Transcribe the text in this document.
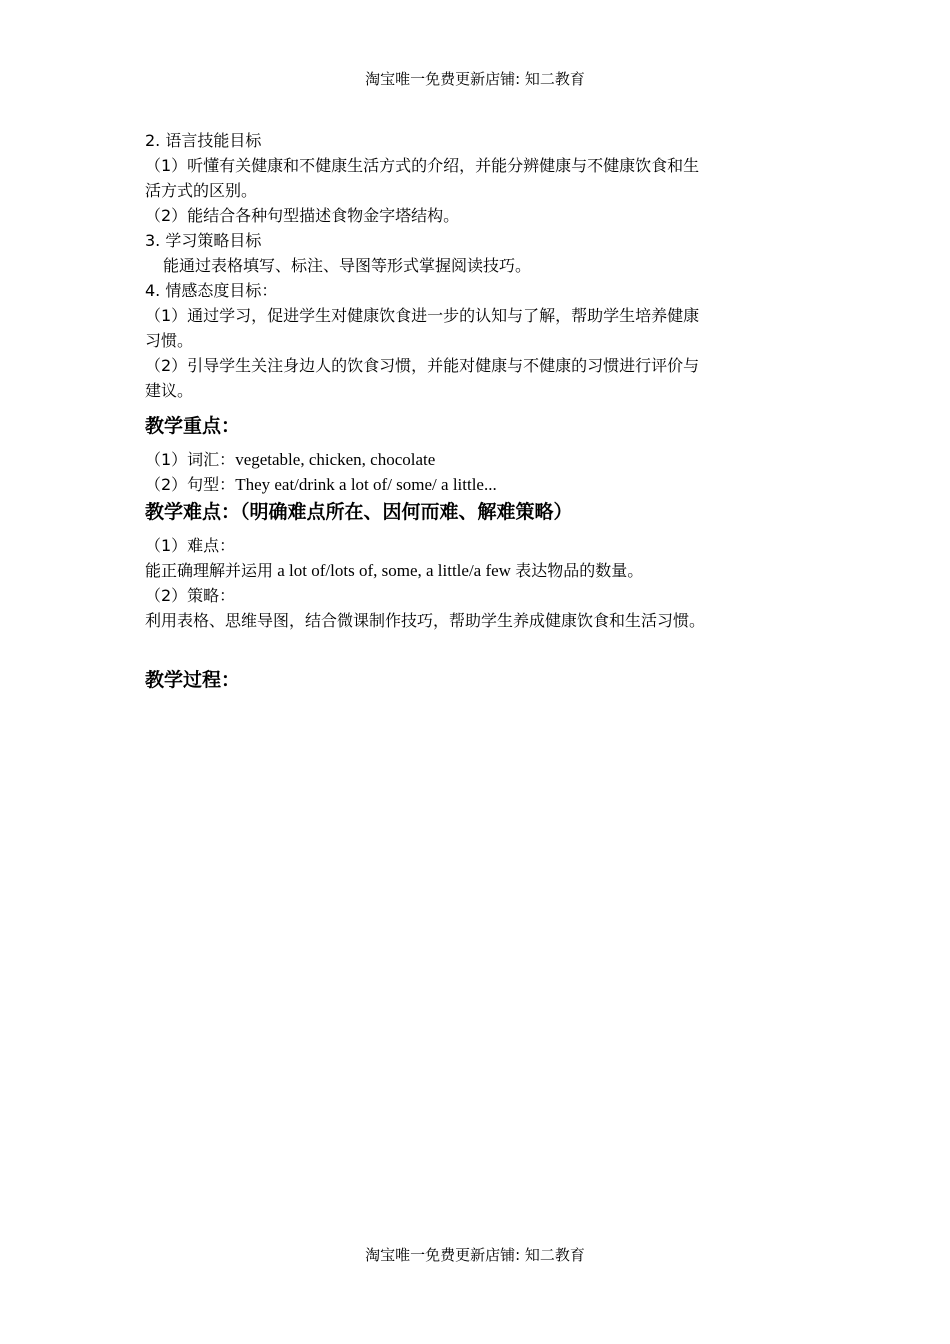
淘宝唯一免费更新店铺: 知二教育
2. 语言技能目标
（1）听懂有关健康和不健康生活方式的介绍，并能分辨健康与不健康饮食和生
活方式的区别。
（2）能结合各种句型描述食物金字塔结构。
3. 学习策略目标
能通过表格填写、标注、导图等形式掌握阅读技巧。
4. 情感态度目标：
（1）通过学习，促进学生对健康饮食进一步的认知与了解，帮助学生培养健康
习惯。
（2）引导学生关注身边人的饮食习惯，并能对健康与不健康的习惯进行评价与
建议。
教学重点：
（1）词汇：vegetable, chicken, chocolate
（2）句型：They eat/drink a lot of/ some/ a little...
教学难点：（明确难点所在、因何而难、解难策略）
（1）难点：
能正确理解并运用 a lot of/lots of, some, a little/a few 表达物品的数量。
（2）策略：
利用表格、思维导图，结合微课制作技巧，帮助学生养成健康饮食和生活习惯。
教学过程：
淘宝唯一免费更新店铺: 知二教育
